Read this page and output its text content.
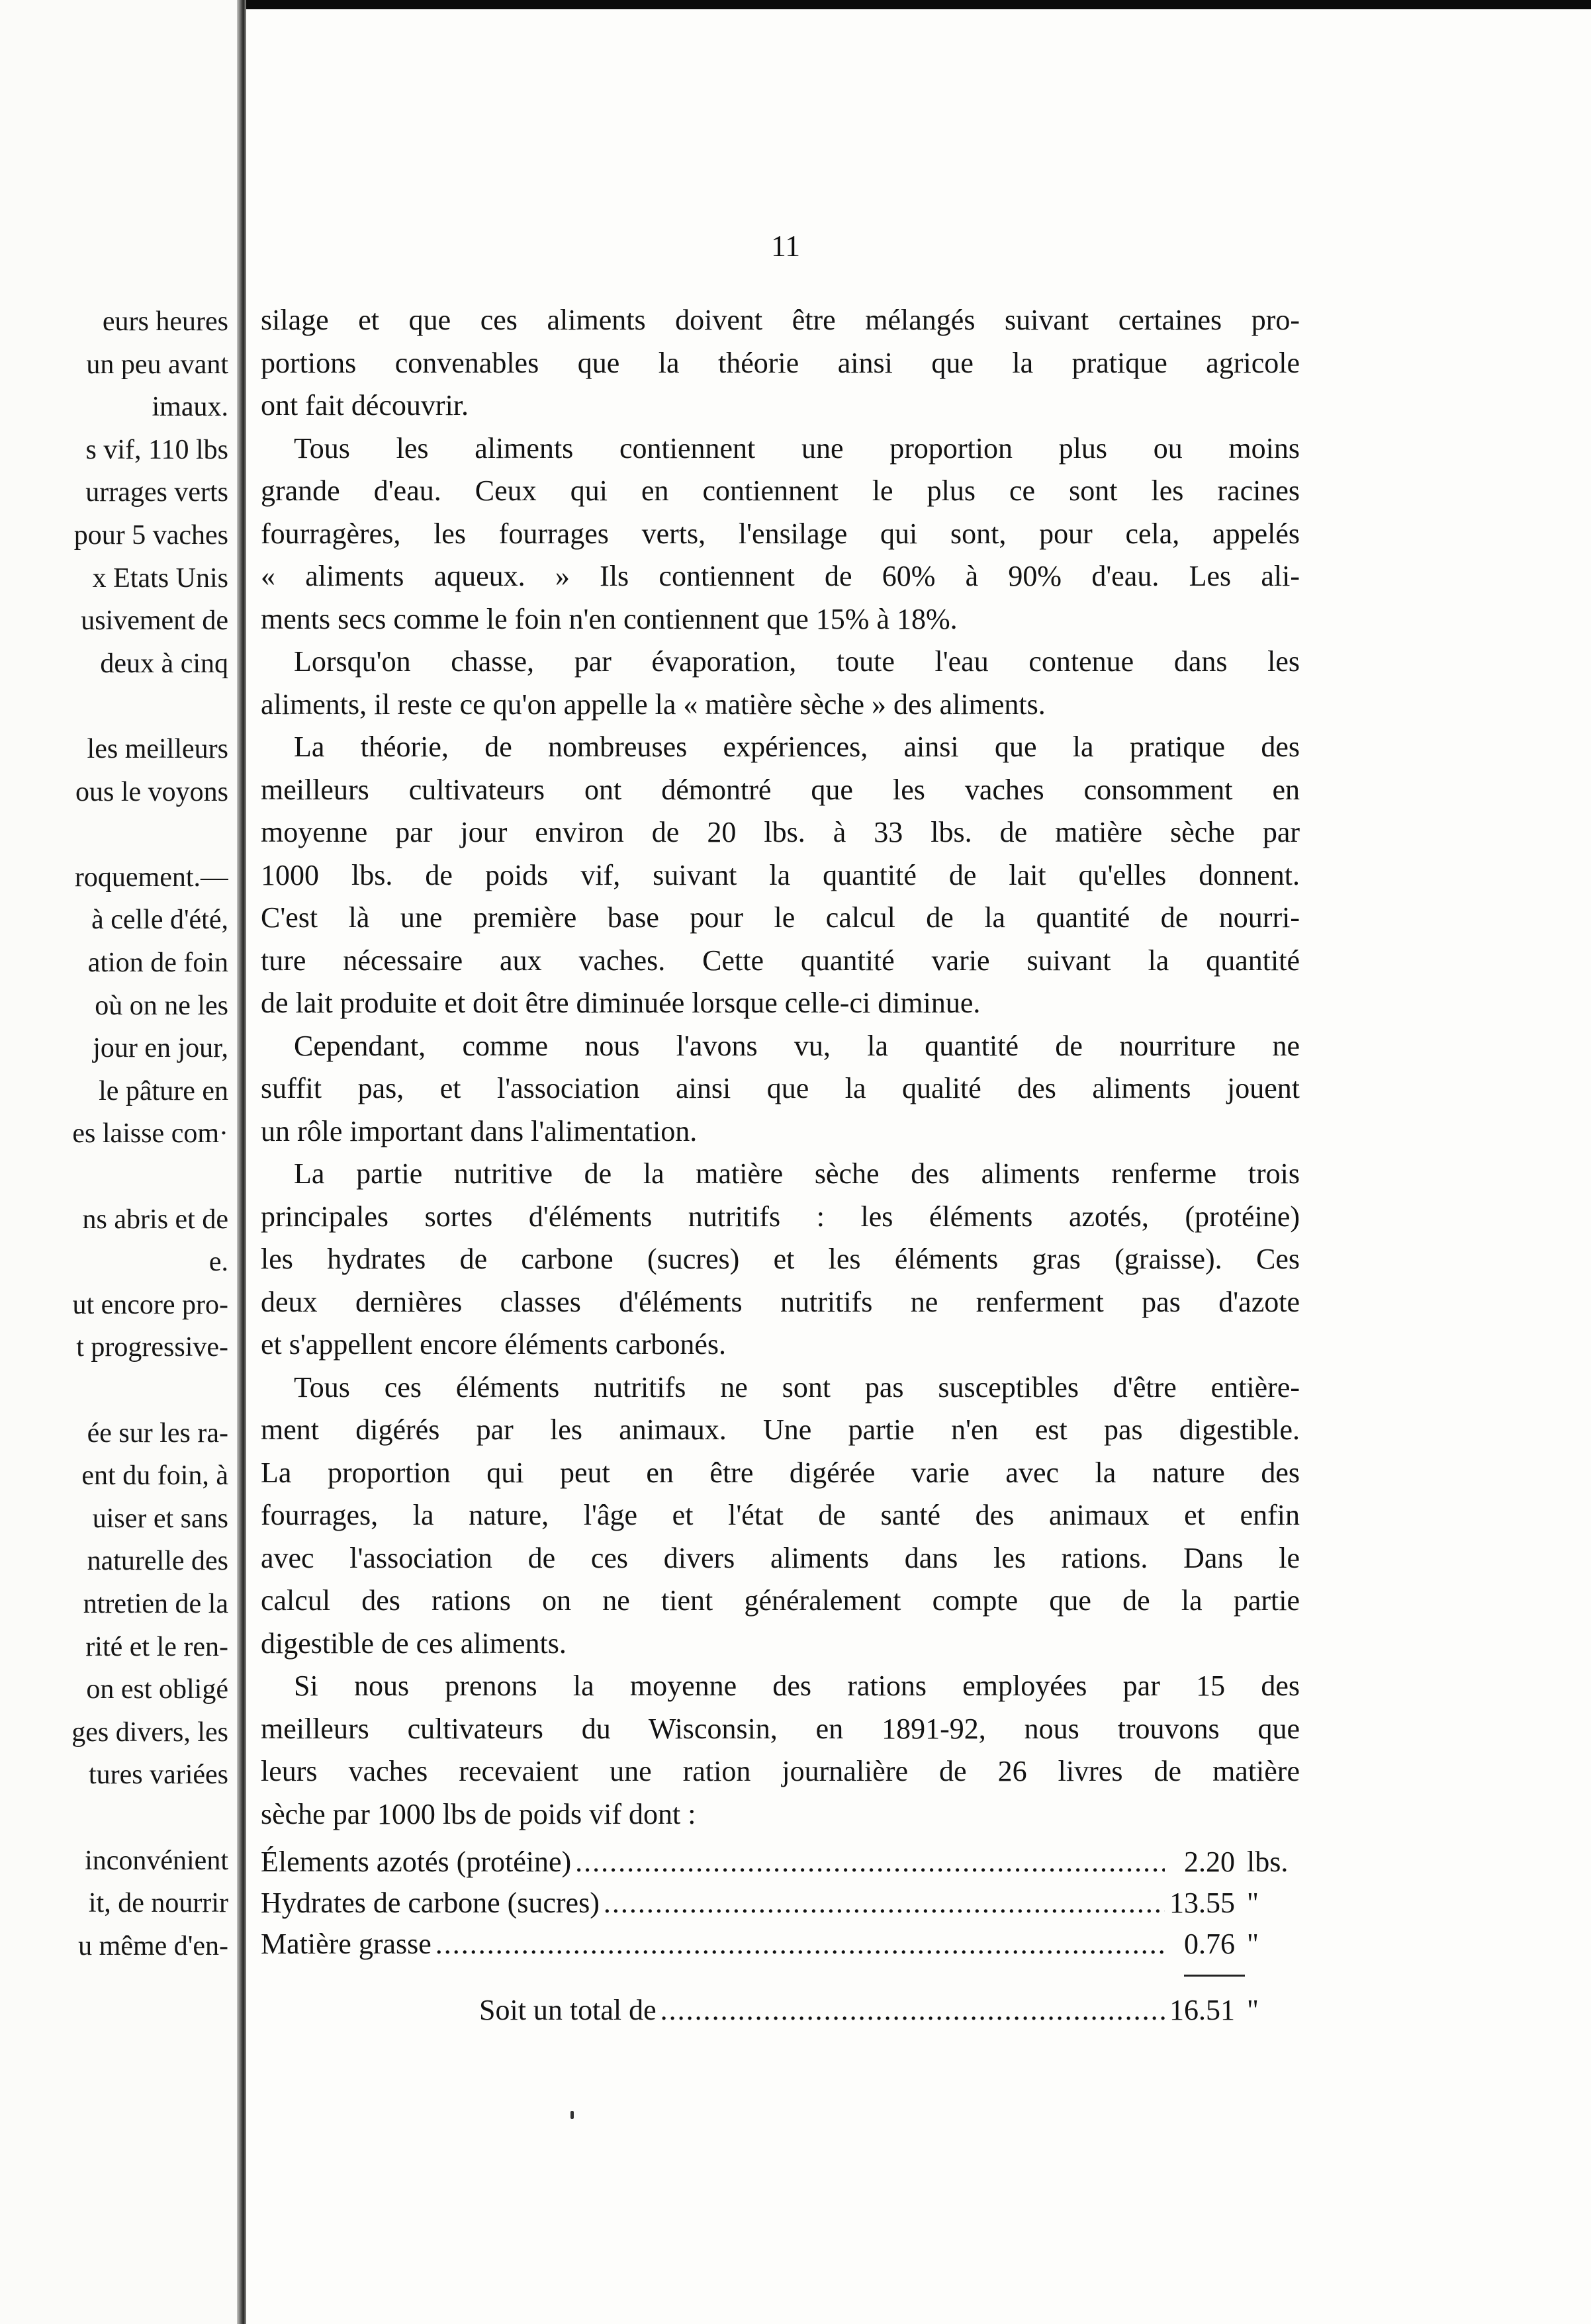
eurs heures
un peu avant
imaux.
s vif, 110 lbs
urrages verts
pour 5 vaches
x Etats Unis
usivement de
deux à cinq
les meilleurs
ous le voyons
roquement.—
à celle d'été,
ation de foin
où on ne les
jour en jour,
le pâture en
es laisse com·
ns abris et de
e.
ut encore pro-
t progressive-
ée sur les ra-
ent du foin, à
uiser et sans
naturelle des
ntretien de la
rité et le ren-
on est obligé
ges divers, les
tures variées
inconvénient
it, de nourrir
u même d'en-
11
silage et que ces aliments doivent être mélangés suivant certaines pro-
portions convenables que la théorie ainsi que la pratique agricole
ont fait découvrir.
Tous les aliments contiennent une proportion plus ou moins
grande d'eau. Ceux qui en contiennent le plus ce sont les racines
fourragères, les fourrages verts, l'ensilage qui sont, pour cela, appelés
« aliments aqueux. » Ils contiennent de 60% à 90% d'eau. Les ali-
ments secs comme le foin n'en contiennent que 15% à 18%.
Lorsqu'on chasse, par évaporation, toute l'eau contenue dans les
aliments, il reste ce qu'on appelle la « matière sèche » des aliments.
La théorie, de nombreuses expériences, ainsi que la pratique des
meilleurs cultivateurs ont démontré que les vaches consomment en
moyenne par jour environ de 20 lbs. à 33 lbs. de matière sèche par
1000 lbs. de poids vif, suivant la quantité de lait qu'elles donnent.
C'est là une première base pour le calcul de la quantité de nourri-
ture nécessaire aux vaches. Cette quantité varie suivant la quantité
de lait produite et doit être diminuée lorsque celle-ci diminue.
Cependant, comme nous l'avons vu, la quantité de nourriture ne
suffit pas, et l'association ainsi que la qualité des aliments jouent
un rôle important dans l'alimentation.
La partie nutritive de la matière sèche des aliments renferme trois
principales sortes d'éléments nutritifs : les éléments azotés, (protéine)
les hydrates de carbone (sucres) et les éléments gras (graisse). Ces
deux dernières classes d'éléments nutritifs ne renferment pas d'azote
et s'appellent encore éléments carbonés.
Tous ces éléments nutritifs ne sont pas susceptibles d'être entière-
ment digérés par les animaux. Une partie n'en est pas digestible.
La proportion qui peut en être digérée varie avec la nature des
fourrages, la nature, l'âge et l'état de santé des animaux et enfin
avec l'association de ces divers aliments dans les rations. Dans le
calcul des rations on ne tient généralement compte que de la partie
digestible de ces aliments.
Si nous prenons la moyenne des rations employées par 15 des
meilleurs cultivateurs du Wisconsin, en 1891-92, nous trouvons que
leurs vaches recevaient une ration journalière de 26 livres de matière
sèche par 1000 lbs de poids vif dont :
Élements azotés (protéine) .....	2.20 lbs.
Hydrates de carbone (sucres) .....	13.55 "
Matière grasse .....	0.76 "
Soit un total de .....	16.51 "
